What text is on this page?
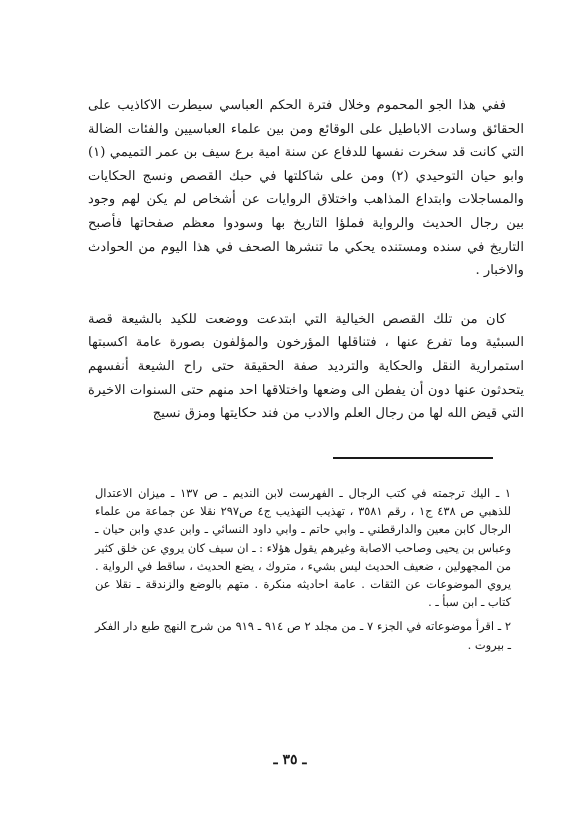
ففي هذا الجو المحموم وخلال فترة الحكم العباسي سيطرت الاكاذيب على الحقائق وسادت الاباطيل على الوقائع ومن بين علماء العباسيين والفئات الضالة التي كانت قد سخرت نفسها للدفاع عن سنة امية برع سيف بن عمر التميمي (١) وابو حيان التوحيدي (٢) ومن على شاكلتها في حبك القصص ونسج الحكايات والمساجلات وابتداع المذاهب واختلاق الروايات عن أشخاص لم يكن لهم وجود بين رجال الحديث والرواية فملؤا التاريخ بها وسودوا معظم صفحاتها فأصبح التاريخ في سنده ومستنده يحكي ما تنشرها الصحف في هذا اليوم من الحوادث والاخبار .

كان من تلك القصص الخيالية التي ابتدعت ووضعت للكيد بالشيعة قصة السبئية وما تفرع عنها ، فتناقلها المؤرخون والمؤلفون بصورة عامة اكسبتها استمرارية النقل والحكاية والترديد صفة الحقيقة حتى راح الشيعة أنفسهم يتحدثون عنها دون أن يفطن الى وضعها واختلاقها احد منهم حتى السنوات الاخيرة التي قيض الله لها من رجال العلم والادب من فند حكايتها ومزق نسيج

١ ـ اليك ترجمته في كتب الرجال ـ الفهرست لابن النديم ـ ص ١٣٧ ـ ميزان الاعتدال للذهبي ص ٤٣٨ ج١ ، رقم ٣٥٨١ ، تهذيب التهذيب ج٤ ص٢٩٧ نقلا عن جماعة من علماء الرجال كابن معين والدارقطني ـ وابي حاتم ـ وابي داود النسائي ـ وابن عدي وابن حيان ـ وعباس بن يحيى وصاحب الاصابة وغيرهم يقول هؤلاء : ـ ان سيف كان يروي عن خلق كثير من المجهولين ، ضعيف الحديث ليس بشيء ، متروك ، يضع الحديث ، ساقط في الرواية . يروي الموضوعات عن الثقات . عامة احاديثه منكرة . متهم بالوضع والزندقة ـ نقلا عن كتاب ـ ابن سبأ ـ .

٢ ـ اقرأ موضوعاته في الجزء ٧ ـ من مجلد ٢ ص ٩١٤ ـ ٩١٩ من شرح النهج طبع دار الفكر ـ بيروت .

ـ ٣٥ ـ
